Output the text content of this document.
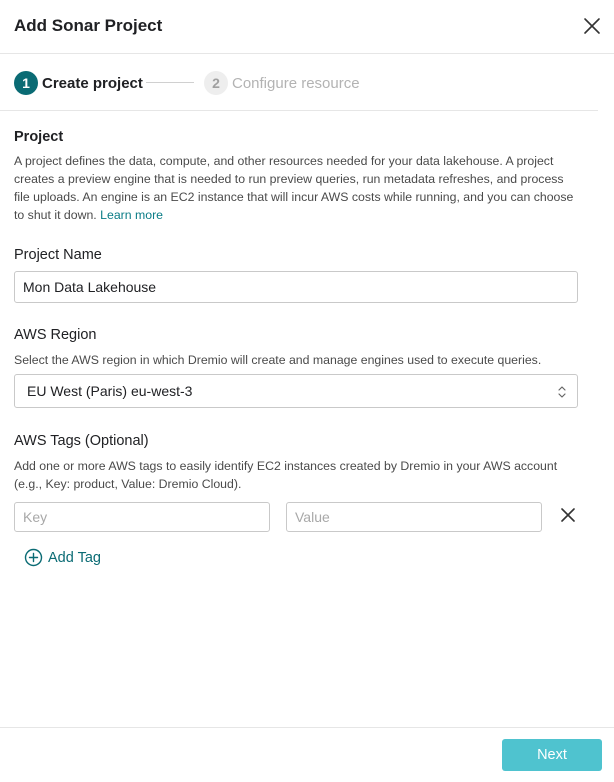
Add Sonar Project
1 Create project	2 Configure resource
Project
A project defines the data, compute, and other resources needed for your data lakehouse. A project creates a preview engine that is needed to run preview queries, run metadata refreshes, and process file uploads. An engine is an EC2 instance that will incur AWS costs while running, and you can choose to shut it down. Learn more
Project Name
Mon Data Lakehouse
AWS Region
Select the AWS region in which Dremio will create and manage engines used to execute queries.
EU West (Paris) eu-west-3
AWS Tags (Optional)
Add one or more AWS tags to easily identify EC2 instances created by Dremio in your AWS account (e.g., Key: product, Value: Dremio Cloud).
Key
Value
Add Tag
Next
